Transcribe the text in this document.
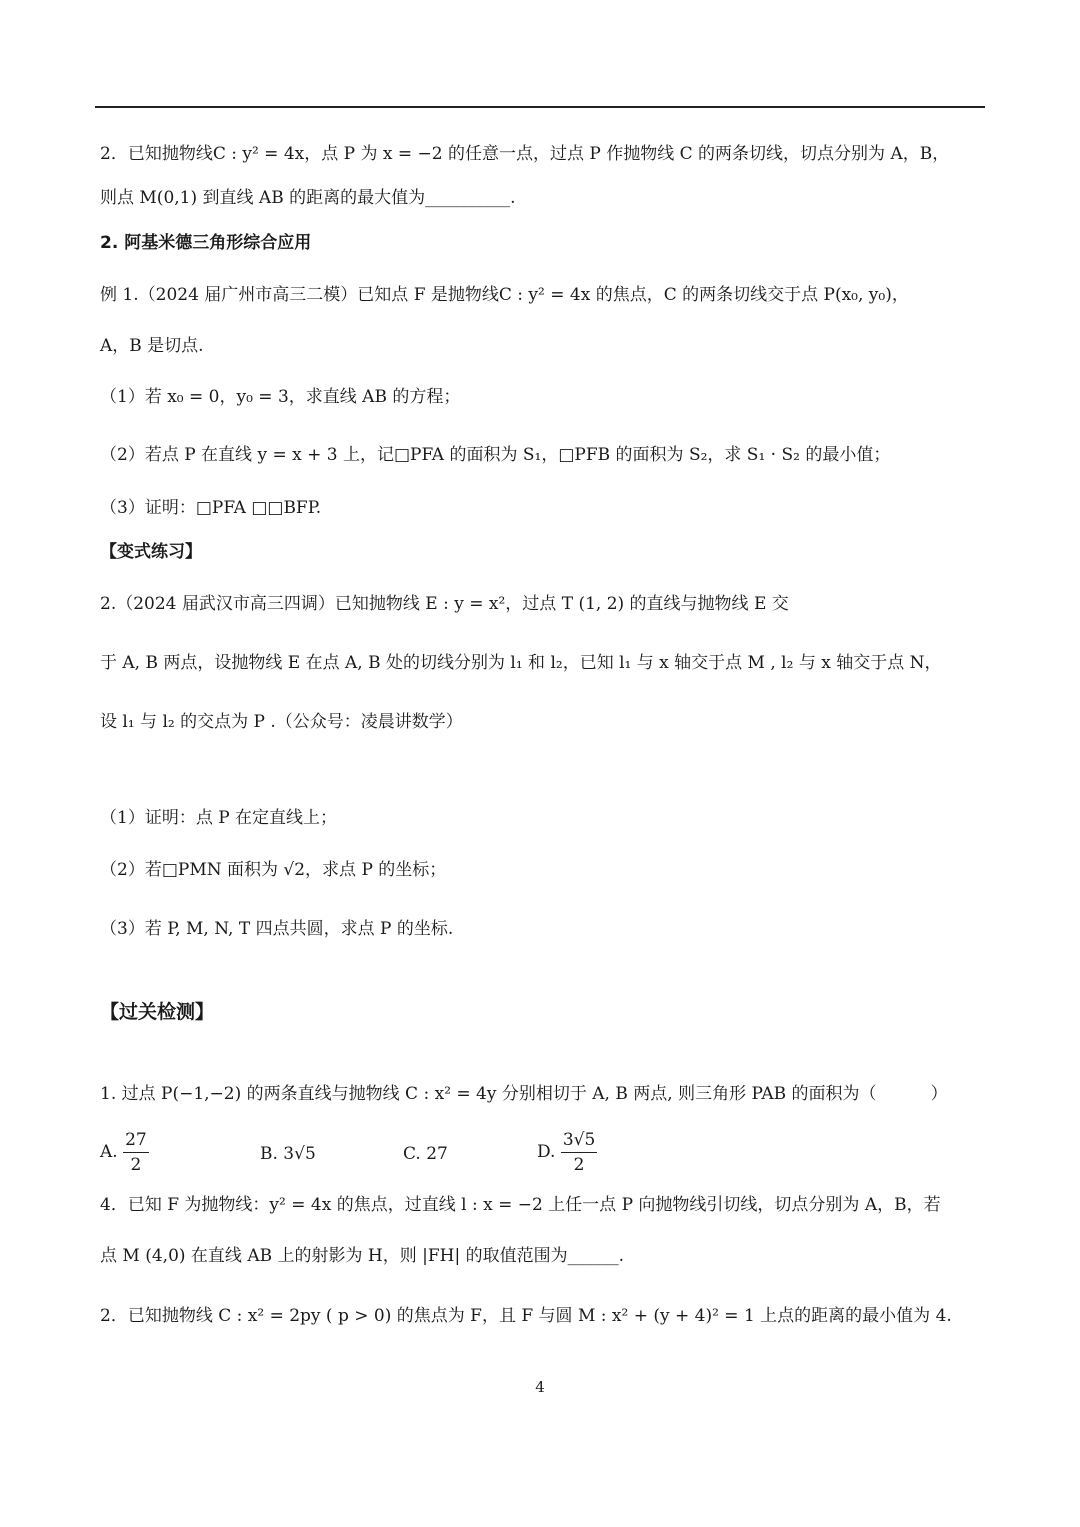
2．已知抛物线C : y² = 4x，点 P 为 x = −2 的任意一点，过点 P 作抛物线 C 的两条切线，切点分别为 A，B，
则点 M(0,1) 到直线 AB 的距离的最大值为__________.
2. 阿基米德三角形综合应用
例 1.（2024 届广州市高三二模）已知点 F 是抛物线C : y² = 4x 的焦点，C 的两条切线交于点 P(x₀, y₀)，
A，B 是切点.
（1）若 x₀ = 0，y₀ = 3，求直线 AB 的方程；
（2）若点 P 在直线 y = x + 3 上，记□PFA 的面积为 S₁，□PFB 的面积为 S₂，求 S₁ · S₂ 的最小值；
（3）证明：□PFA □□BFP.
【变式练习】
2.（2024 届武汉市高三四调）已知抛物线 E : y = x²，过点 T (1, 2) 的直线与抛物线 E 交
于 A, B 两点，设抛物线 E 在点 A, B 处的切线分别为 l₁ 和 l₂，已知 l₁ 与 x 轴交于点 M , l₂ 与 x 轴交于点 N，
设 l₁ 与 l₂ 的交点为 P .（公众号：凌晨讲数学）
（1）证明：点 P 在定直线上；
（2）若□PMN 面积为 √2，求点 P 的坐标；
（3）若 P, M, N, T 四点共圆，求点 P 的坐标.
【过关检测】
1. 过点 P(−1,−2) 的两条直线与抛物线 C : x² = 4y 分别相切于 A, B 两点, 则三角形 PAB 的面积为（          ）
A. $\frac{27}{2}$	B. 3√5	C. 27	D. $\frac{3√5}{2}$
4．已知 F 为抛物线：y² = 4x 的焦点，过直线 l : x = −2 上任一点 P 向抛物线引切线，切点分别为 A，B，若
点 M (4,0) 在直线 AB 上的射影为 H，则 |FH| 的取值范围为______.
2．已知抛物线 C : x² = 2py ( p > 0) 的焦点为 F，且 F 与圆 M : x² + (y + 4)² = 1 上点的距离的最小值为 4.
4
